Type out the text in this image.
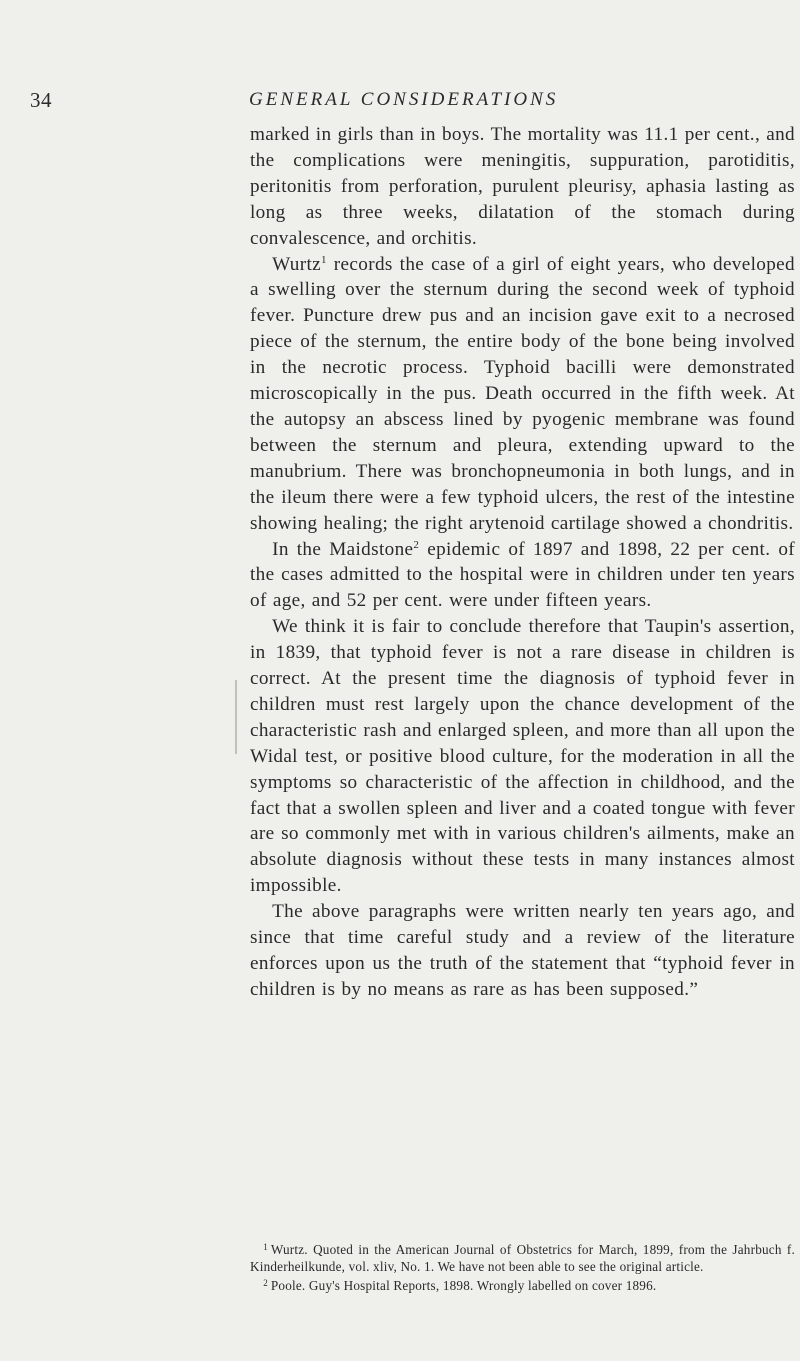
34	GENERAL CONSIDERATIONS

marked in girls than in boys. The mortality was 11.1 per cent., and the complications were meningitis, suppuration, parotiditis, peritonitis from perforation, purulent pleurisy, aphasia lasting as long as three weeks, dilatation of the stomach during convalescence, and orchitis.

Wurtz$^1$ records the case of a girl of eight years, who developed a swelling over the sternum during the second week of typhoid fever. Puncture drew pus and an incision gave exit to a necrosed piece of the sternum, the entire body of the bone being involved in the necrotic process. Typhoid bacilli were demonstrated microscopically in the pus. Death occurred in the fifth week. At the autopsy an abscess lined by pyogenic membrane was found between the sternum and pleura, extending upward to the manubrium. There was bronchopneumonia in both lungs, and in the ileum there were a few typhoid ulcers, the rest of the intestine showing healing; the right arytenoid cartilage showed a chondritis.

In the Maidstone$^2$ epidemic of 1897 and 1898, 22 per cent. of the cases admitted to the hospital were in children under ten years of age, and 52 per cent. were under fifteen years.

We think it is fair to conclude therefore that Taupin's assertion, in 1839, that typhoid fever is not a rare disease in children is correct. At the present time the diagnosis of typhoid fever in children must rest largely upon the chance development of the characteristic rash and enlarged spleen, and more than all upon the Widal test, or positive blood culture, for the moderation in all the symptoms so characteristic of the affection in childhood, and the fact that a swollen spleen and liver and a coated tongue with fever are so commonly met with in various children's ailments, make an absolute diagnosis without these tests in many instances almost impossible.

The above paragraphs were written nearly ten years ago, and since that time careful study and a review of the literature enforces upon us the truth of the statement that “typhoid fever in children is by no means as rare as has been supposed.”

$^1$ Wurtz. Quoted in the American Journal of Obstetrics for March, 1899, from the Jahrbuch f. Kinderheilkunde, vol. xliv, No. 1. We have not been able to see the original article.

$^2$ Poole. Guy's Hospital Reports, 1898. Wrongly labelled on cover 1896.
